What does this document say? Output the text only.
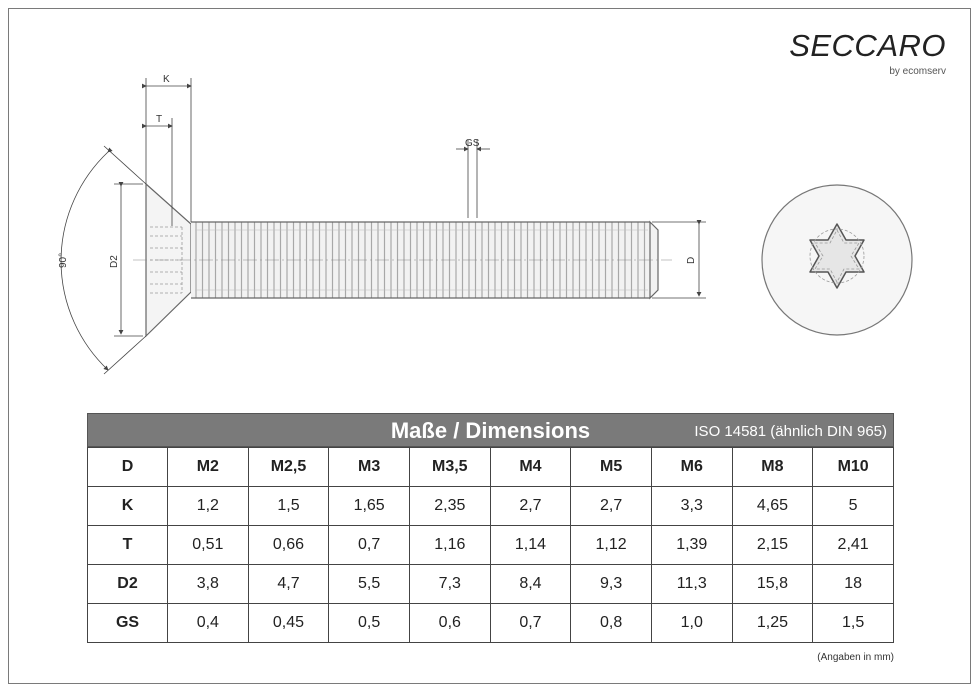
SECCARO
by ecomserv
K
T
GS
D2
90°	D
Maße / Dimensions	ISO 14581 (ähnlich DIN 965)
D	M2	M2,5	M3	M3,5	M4	M5	M6	M8	M10
K	1,2	1,5	1,65	2,35	2,7	2,7	3,3	4,65	5
T	0,51	0,66	0,7	1,16	1,14	1,12	1,39	2,15	2,41
D2	3,8	4,7	5,5	7,3	8,4	9,3	11,3	15,8	18
GS	0,4	0,45	0,5	0,6	0,7	0,8	1,0	1,25	1,5
(Angaben in mm)
